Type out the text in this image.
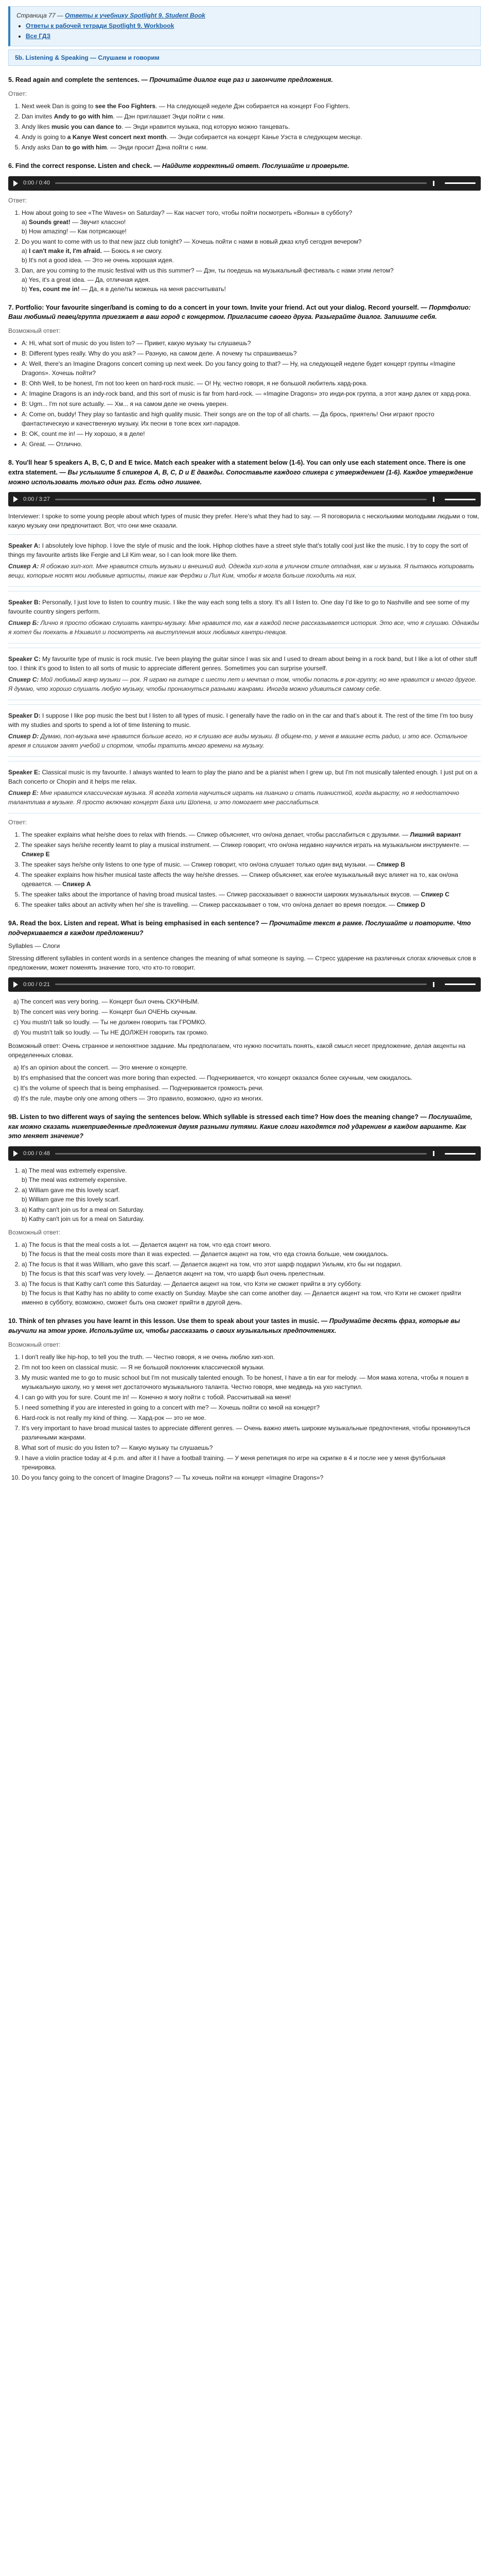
Страница 77 — Ответы к учебнику Spotlight 9. Student Book
• Ответы к рабочей тетради Spotlight 9. Workbook
• Все ГДЗ
5b. Listening & Speaking — Слушаем и говорим
5. Read again and complete the sentences. — Прочитайте диалог еще раз и закончите предложения.
Ответ:
1. Next week Dan is going to see the Foo Fighters. — На следующей неделе Дэн собирается на концерт Foo Fighters.
2. Dan invites Andy to go with him. — Дэн приглашает Энди пойти с ним.
3. Andy likes music you can dance to. — Энди нравится музыка, под которую можно танцевать.
4. Andy is going to a Kanye West concert next month. — Энди собирается на концерт Канье Уэста в следующем месяце.
5. Andy asks Dan to go with him. — Энди просит Дэна пойти с ним.
6. Find the correct response. Listen and check. — Найдите корректный ответ. Послушайте и проверьте.
0:00 / 0:40
Ответ:
1. How about going to see «The Waves» on Saturday? — Как насчет того, чтобы пойти посмотреть «Волны» в субботу?
a) Sounds great! — Звучит классно!
b) How amazing! — Как потрясающе!
2. Do you want to come with us to that new jazz club tonight? — Хочешь пойти с нами в новый джаз клуб сегодня вечером?
a) I can't make it, I'm afraid. — Боюсь я не смогу.
b) It's not a good idea. — Это не очень хорошая идея.
3. Dan, are you coming to the music festival with us this summer? — Дэн, ты поедешь на музыкальный фестиваль с нами этим летом?
a) Yes, it's a great idea. — Да, отличная идея.
b) Yes, count me in! — Да, я в деле/ты можешь на меня рассчитывать!
7. Portfolio: Your favourite singer/band is coming to do a concert in your town. Invite your friend. Act out your dialog. Record yourself. — Портфолио: Ваш любимый певец/группа приезжает в ваш город с концертом. Пригласите своего друга. Разыграйте диалог. Запишите себя.
Возможный ответ:
• A: Hi, what sort of music do you listen to? — Привет, какую музыку ты слушаешь?
• B: Different types really. Why do you ask? — Разную, на самом деле. А почему ты спрашиваешь?
• A: Well, there's an Imagine Dragons concert coming up next week. Do you fancy going to that? — Ну, на следующей неделе будет концерт группы «Imagine Dragons». Хочешь пойти?
• B: Ohh Well, to be honest, I'm not too keen on hard-rock music. — О! Ну, честно говоря, я не большой любитель хард-рока.
• A: Imagine Dragons is an indy-rock band, and this sort of music is far from hard-rock. — «Imagine Dragons» это инди-рок группа, а этот жанр далек от хард-рока.
• B: Ugm... I'm not sure actually. — Хм... я на самом деле не очень уверен.
• A: Come on, buddy! They play so fantastic and high quality music. Their songs are on the top of all charts. — Да брось, приятель! Они играют просто фантастическую и качественную музыку. Их песни в топе всех хит-парадов.
• B: OK, count me in! — Ну хорошо, я в деле!
• A: Great. — Отлично.
8. You'll hear 5 speakers A, B, C, D and E twice. Match each speaker with a statement below (1-6). You can only use each statement once. There is one extra statement. — Вы услышите 5 спикеров A, B, C, D и E дважды. Сопоставьте каждого спикера с утверждением (1-6). Каждое утверждение можно использовать только один раз. Есть одно лишнее.
0:00 / 3:27

Interviewer: I spoke to some young people about which types of music they prefer. Here's what they had to say. — Я поговорила с несколькими молодыми людьми о том, какую музыку они предпочитают. Вот, что они мне сказали.

Speaker A: I absolutely love hiphop. I love the style of music and the look. Hiphop clothes have a street style that's totally cool just like the music. I try to copy the sort of things my favourite artists like Fergie and Lil Kim wear, so I can look more like them.

Спикер А: Я обожаю хип-хоп. Мне нравится стиль музыки и внешний вид. Одежда хип-хопа в уличном стиле отпадная, как и музыка. Я пытаюсь копировать вещи, которые носят мои любимые артисты, такие как Ферджи и Лил Ким, чтобы я могла больше походить на них.

Speaker B: Personally, I just love to listen to country music. I like the way each song tells a story. It's all I listen to. One day I'd like to go to Nashville and see some of my favourite country singers perform.

Спикер Б: Лично я просто обожаю слушать кантри-музыку. Мне нравится то, как в каждой песне рассказывается история. Это все, что я слушаю. Однажды я хотел бы поехать в Нэшвилл и посмотреть на выступления моих любимых кантри-певцов.

Speaker C: My favourite type of music is rock music. I've been playing the guitar since I was six and I used to dream about being in a rock band, but I like a lot of other stuff too. I think it's good to listen to all sorts of music to appreciate different genres. Sometimes you can surprise yourself.

Спикер С: Мой любимый жанр музыки — рок. Я играю на гитаре с шести лет и мечтал о том, чтобы попасть в рок-группу, но мне нравится и много другое. Я думаю, что хорошо слушать любую музыку, чтобы проникнуться разными жанрами. Иногда можно удивиться самому себе.

Speaker D: I suppose I like pop music the best but I listen to all types of music. I generally have the radio on in the car and that's about it. The rest of the time I'm too busy with my studies and sports to spend a lot of time listening to music.

Спикер D: Думаю, поп-музыка мне нравится больше всего, но я слушаю все виды музыки. В общем-то, у меня в машине есть радио, и это все. Остальное время я слишком занят учебой и спортом, чтобы тратить много времени на музыку.

Speaker E: Classical music is my favourite. I always wanted to learn to play the piano and be a pianist when I grew up, but I'm not musically talented enough. I just put on a Bach concerto or Chopin and it helps me relax.

Спикер Е: Мне нравится классическая музыка. Я всегда хотела научиться играть на пианино и стать пианисткой, когда вырасту, но я недостаточно талантлива в музыке. Я просто включаю концерт Баха или Шопена, и это помогает мне расслабиться.

Ответ:
1. The speaker explains what he/she does to relax with friends. — Спикер объясняет, что он/она делает, чтобы расслабиться с друзьями. — Лишний вариант
2. The speaker says he/she recently learnt to play a musical instrument. — Спикер говорит, что он/она недавно научился играть на музыкальном инструменте. — Спикер E
3. The speaker says he/she only listens to one type of music. — Спикер говорит, что он/она слушает только один вид музыки. — Спикер B
4. The speaker explains how his/her musical taste affects the way he/she dresses. — Спикер объясняет, как его/ее музыкальный вкус влияет на то, как он/она одевается. — Спикер A
5. The speaker talks about the importance of having broad musical tastes. — Спикер рассказывает о важности широких музыкальных вкусов. — Спикер C
6. The speaker talks about an activity when he/ she is travelling. — Спикер рассказывает о том, что он/она делает во время поездок. — Спикер D
9A. Read the box. Listen and repeat. What is being emphasised in each sentence? — Прочитайте текст в рамке. Послушайте и повторите. Что подчеркивается в каждом предложении?

Syllables — Слоги

Stressing different syllables in content words in a sentence changes the meaning of what someone is saying. — Стресс ударение на различных слогах ключевых слов в предложении, может поменять значение того, что кто-то говорит.

0:00 / 0:21
a) The concert was very boring. — Концерт был очень СКУЧНЫМ.
b) The concert was very boring. — Концерт был ОЧЕНЬ скучным.
c) You mustn't talk so loudly. — Ты не должен говорить так ГРОМКО.
d) You mustn't talk so loudly. — Ты НЕ ДОЛЖЕН говорить так громко.

Возможный ответ: Очень странное и непонятное задание. Мы предполагаем, что нужно посчитать понять, какой смысл несет предложение, делая акценты на определенных словах.

a) It's an opinion about the concert. — Это мнение о концерте.
b) It's emphasised that the concert was more boring than expected. — Подчеркивается, что концерт оказался более скучным, чем ожидалось.
c) It's the volume of speech that is being emphasised. — Подчеркивается громкость речи.
d) It's the rule, maybe only one among others — Это правило, возможно, одно из многих.
9B. Listen to two different ways of saying the sentences below. Which syllable is stressed each time? How does the meaning change? — Послушайте, как можно сказать нижеприведенные предложения двумя разными путями. Какие слоги находятся под ударением в каждом варианте. Как это меняет значение?
0:00 / 0:48
1. a) The meal was extremely expensive.
b) The meal was extremely expensive.
2. a) William gave me this lovely scarf.
b) William gave me this lovely scarf.
3. a) Kathy can't join us for a meal on Saturday.
b) Kathy can't join us for a meal on Saturday.
Возможный ответ:
1. a) The focus is that the meal costs a lot. — Делается акцент на том, что еда стоит много.
b) The focus is that the meal costs more than it was expected. — Делается акцент на том, что еда стоила больше, чем ожидалось.
2. a) The focus is that it was William, who gave this scarf. — Делается акцент на том, что этот шарф подарил Уильям, кто бы ни подарил.
b) The focus is that this scarf was very lovely. — Делается акцент на том, что шарф был очень прелестным.
3. a) The focus is that Kathy can't come this Saturday. — Делается акцент на том, что Кэти не сможет прийти в эту субботу.
b) The focus is that Kathy has no ability to come exactly on Sunday. Maybe she can come another day. — Делается акцент на том, что Кэти не сможет прийти именно в субботу, возможно, сможет быть она сможет прийти в другой день.
10. Think of ten phrases you have learnt in this lesson. Use them to speak about your tastes in music. — Придумайте десять фраз, которые вы выучили на этом уроке. Используйте их, чтобы рассказать о своих музыкальных предпочтениях.
Возможный ответ:
1. I don't really like hip-hop, to tell you the truth. — Честно говоря, я не очень люблю хип-хоп.
2. I'm not too keen on classical music. — Я не большой поклонник классической музыки.
3. My music wanted me to go to music school but I'm not musically talented enough. To be honest, I have a tin ear for melody. — Моя мама хотела, чтобы я пошел в музыкальную школу, но у меня нет достаточного музыкального таланта. Честно говоря, мне медведь на ухо наступил.
4. I can go with you for sure. Count me in! — Конечно я могу пойти с тобой. Рассчитывай на меня!
5. I need something if you are interested in going to a concert with me? — Хочешь пойти со мной на концерт?
6. Hard-rock is not really my kind of thing. — Хард-рок — это не мое.
7. It's very important to have broad musical tastes to appreciate different genres. — Очень важно иметь широкие музыкальные предпочтения, чтобы проникнуться различными жанрами.
8. What sort of music do you listen to? — Какую музыку ты слушаешь?
9. I have a violin practice today at 4 p.m. and after it I have a football training. — У меня репетиция по игре на скрипке в 4 и после нее у меня футбольная тренировка.
10. Do you fancy going to the concert of Imagine Dragons? — Ты хочешь пойти на концерт «Imagine Dragons»?
